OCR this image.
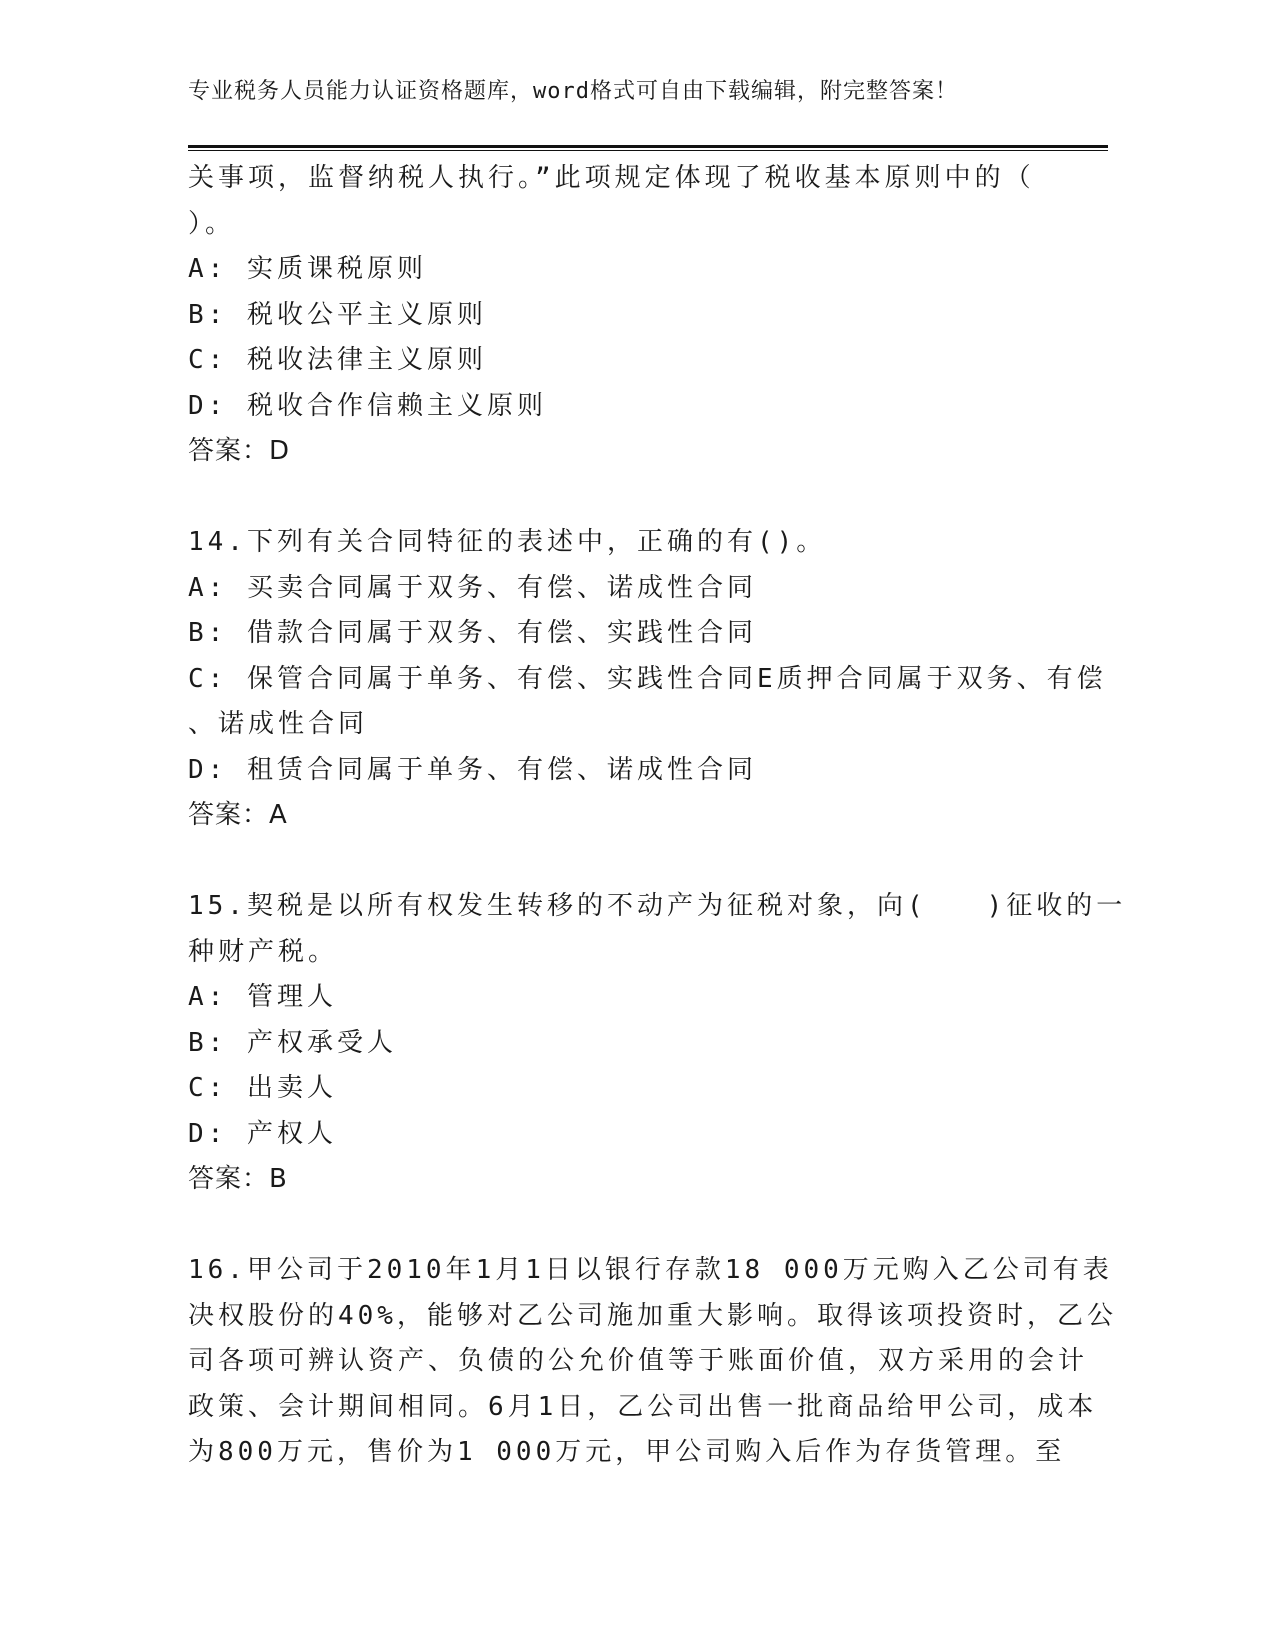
专业税务人员能力认证资格题库，word格式可自由下载编辑，附完整答案！
关事项，监督纳税人执行。”此项规定体现了税收基本原则中的（
）。
A: 实质课税原则
B: 税收公平主义原则
C: 税收法律主义原则
D: 税收合作信赖主义原则
答案：D
14.下列有关合同特征的表述中，正确的有()。
A: 买卖合同属于双务、有偿、诺成性合同
B: 借款合同属于双务、有偿、实践性合同
C: 保管合同属于单务、有偿、实践性合同E质押合同属于双务、有偿
、诺成性合同
D: 租赁合同属于单务、有偿、诺成性合同
答案：A
15.契税是以所有权发生转移的不动产为征税对象，向(　　)征收的一
种财产税。
A: 管理人
B: 产权承受人
C: 出卖人
D: 产权人
答案：B
16.甲公司于2010年1月1日以银行存款18 000万元购入乙公司有表
决权股份的40%，能够对乙公司施加重大影响。取得该项投资时，乙公
司各项可辨认资产、负债的公允价值等于账面价值，双方采用的会计
政策、会计期间相同。6月1日，乙公司出售一批商品给甲公司，成本
为800万元，售价为1 000万元，甲公司购入后作为存货管理。至
